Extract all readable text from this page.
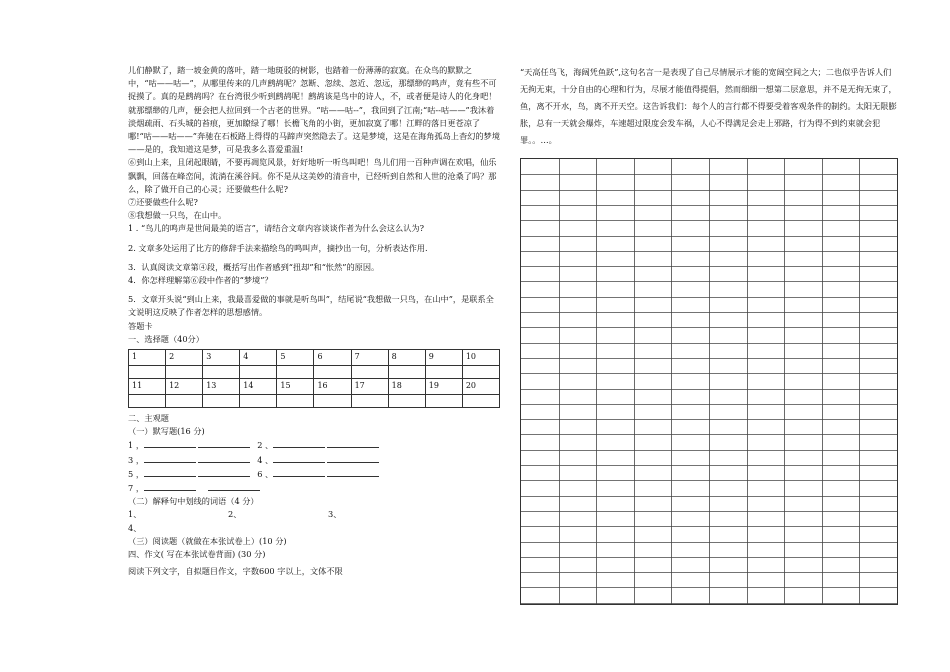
儿们静默了，踏一坡金黄的落叶，踏一地斑驳的树影，也踏着一份薄薄的寂寞。在众鸟的默默之中，“咕——咕—”，从哪里传来的几声鹧鸪呢？忽断、忽续、忽近、忽远，那缥缈的鸣声，竟有些不可捉摸了。真的是鹧鸪吗？在台湾很少听到鹧鸪呢！鹧鸪该是鸟中的诗人，不，或者便是诗人的化身吧！就那缥缈的几声，便会把人拉回到一个古老的世界。“咕——咕--”，我回到了江南;“咕--咕——”我沐着淡烟疏雨、石头城的苔痕，更加瞭绿了哪！长檐飞角的小街，更加寂寞了哪！江畔的落日更苍凉了哪!“咕——咕——”奔驰在石板路上得得的马蹄声突然隐去了。这是梦境，这是在海角孤岛上杳幻的梦境——是的，我知道这是梦，可是我多么喜爱重温!

⑥到山上来，且闭起眼睛，不要再凋览风景，好好地听一听鸟叫吧！鸟儿们用一百种声调在欢唱，仙乐飘飘，回荡在峰峦间，流淌在溪谷间。你不是从这美妙的清音中，已经听到自然和人世的沧桑了吗？那么，除了做开自己的心灵；还要做些什么呢?

⑦还要做些什么呢?

⑧我想做一只鸟，在山中。

1 . “鸟儿的鸣声是世间最美的语言”，请结合文章内容谈谈作者为什么会这么认为?

2. 文章多处运用了比方的修辞手法来描绘鸟的鸣叫声，摘抄出一句，分析表达作用.

3．认真阅读文章第④段，概括写出作者感到“扭却”和“怅然”的原因。

4．你怎样理解第⑥段中作者的“梦境”？

5．文章开头说“到山上来，我最喜爱做的事就是听鸟叫”，结尾说“我想做一只鸟，在山中”，是联系全文说明这反映了作者怎样的思想感情。

答题卡

一、选择题（40分）

1	2	3	4	5	6	7	8	9	10

11	12	13	14	15	16	17	18	19	20

二、主观题

（一）默写题(16 分)

1 ，	2 、

3 ，	4 、

5 ，	6 、

7 ，

（二）解释句中划线的词语（4 分）

1、	2、	3、4、

（三）阅读题（就做在本张试卷上）(10 分)

四、作文( 写在本张试卷背面) (30 分)

阅读下列文字，自拟题目作文，字数600 字以上，文体不限

“天高任鸟飞，海阔凭鱼跃”,这句名言一是表现了自己尽情展示才能的宽阔空间之大；二也似乎告诉人们无拘无束，十分自由的心理和行为，尽展才能值得提倡，然而细细一想第二层意思，并不是无拘无束了，鱼，离不开水，鸟，离不开天空。这告诉我们：每个人的言行都不得要受着客观条件的制约。太阳无限膨胀，总有一天就会爆炸，车速超过限度会发车祸，人心不得满足会走上邪路，行为得不到约束就会犯罪。。…。
